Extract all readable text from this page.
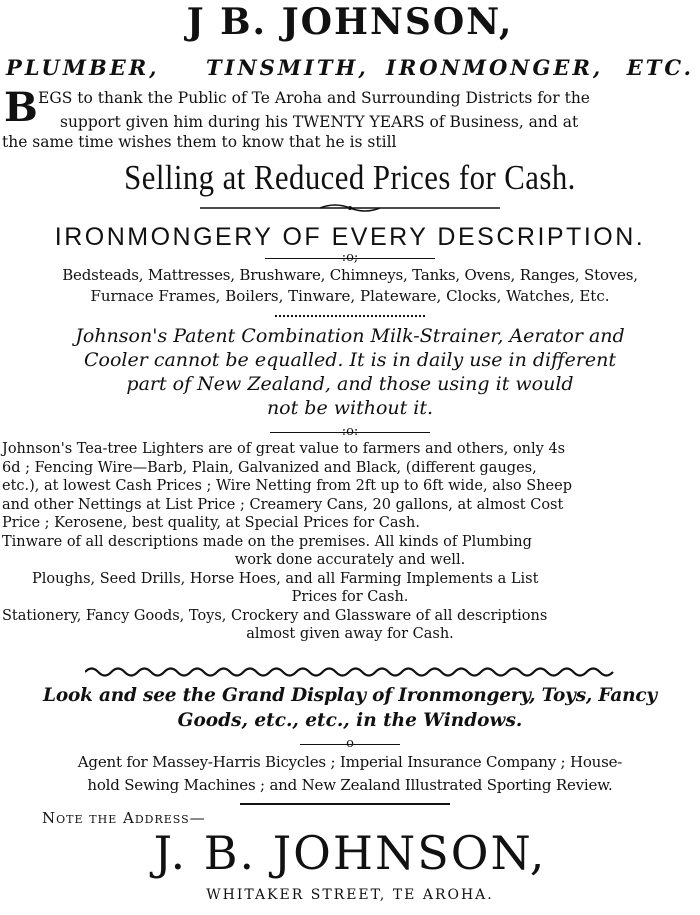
J B. JOHNSON,
PLUMBER, TINSMITH, IRONMONGER, ETC.
B EGS to thank the Public of Te Aroha and Surrounding Districts for the
support given him during his TWENTY YEARS of Business, and at
the same time wishes them to know that he is still
Selling at Reduced Prices for Cash.
IRONMONGERY OF EVERY DESCRIPTION.
:o;
Bedsteads, Mattresses, Brushware, Chimneys, Tanks, Ovens, Ranges, Stoves,
Furnace Frames, Boilers, Tinware, Plateware, Clocks, Watches, Etc.
Johnson's Patent Combination Milk-Strainer, Aerator and
Cooler cannot be equalled. It is in daily use in different
part of New Zealand, and those using it would
not be without it.
:o:
Johnson's Tea-tree Lighters are of great value to farmers and others, only 4s
6d ; Fencing Wire—Barb, Plain, Galvanized and Black, (different gauges,
etc.), at lowest Cash Prices ; Wire Netting from 2ft up to 6ft wide, also Sheep
and other Nettings at List Price ; Creamery Cans, 20 gallons, at almost Cost
Price ; Kerosene, best quality, at Special Prices for Cash.
Tinware of all descriptions made on the premises. All kinds of Plumbing
work done accurately and well.
Ploughs, Seed Drills, Horse Hoes, and all Farming Implements a List
Prices for Cash.
Stationery, Fancy Goods, Toys, Crockery and Glassware of all descriptions
almost given away for Cash.
Look and see the Grand Display of Ironmongery, Toys, Fancy
Goods, etc., etc., in the Windows.
o
Agent for Massey-Harris Bicycles ; Imperial Insurance Company ; House-
hold Sewing Machines ; and New Zealand Illustrated Sporting Review.
Note the Address—
J. B. JOHNSON,
WHITAKER STREET, TE AROHA.
